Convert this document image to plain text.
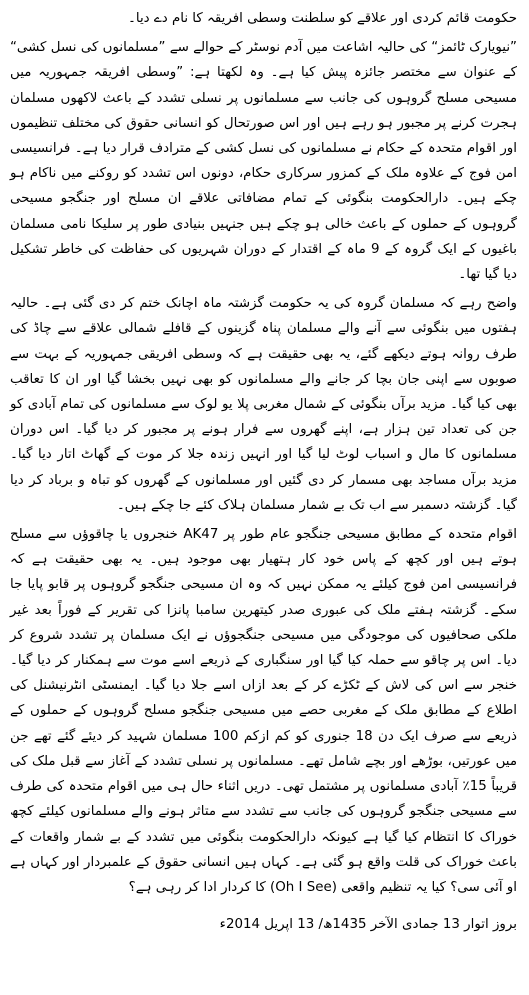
حکومت قائم کردی اور علاقے کو سلطنت وسطی افریقہ کا نام دے دیا۔

”نیویارک ٹائمز“ کی حالیہ اشاعت میں آدم نوسٹر کے حوالے سے ”مسلمانوں کی نسل کشی“ کے عنوان سے مختصر جائزہ پیش کیا ہے۔ وہ لکھتا ہے: ”وسطی افریقہ جمہوریہ میں مسیحی مسلح گروہوں کی جانب سے مسلمانوں پر نسلی تشدد کے باعث لاکھوں مسلمان ہجرت کرنے پر مجبور ہو رہے ہیں اور اس صورتحال کو انسانی حقوق کی مختلف تنظیموں اور اقوام متحدہ کے حکام نے مسلمانوں کی نسل کشی کے مترادف قرار دیا ہے۔ فرانسیسی امن فوج کے علاوہ ملک کے کمزور سرکاری حکام، دونوں اس تشدد کو روکنے میں ناکام ہو چکے ہیں۔ دارالحکومت بنگوئی کے تمام مضافاتی علاقے ان مسلح اور جنگجو مسیحی گروہوں کے حملوں کے باعث خالی ہو چکے ہیں جنہیں بنیادی طور پر سلیکا نامی مسلمان باغیوں کے ایک گروہ کے 9 ماہ کے اقتدار کے دوران شہریوں کی حفاظت کی خاطر تشکیل دیا گیا تھا۔

واضح رہے کہ مسلمان گروہ کی یہ حکومت گزشتہ ماہ اچانک ختم کر دی گئی ہے۔ حالیہ ہفتوں میں بنگوئی سے آنے والے مسلمان پناہ گزینوں کے قافلے شمالی علاقے سے چاڈ کی طرف روانہ ہوتے دیکھے گئے، یہ بھی حقیقت ہے کہ وسطی افریقی جمہوریہ کے بہت سے صوبوں سے اپنی جان بچا کر جانے والے مسلمانوں کو بھی نہیں بخشا گیا اور ان کا تعاقب بھی کیا گیا۔ مزید برآں بنگوئی کے شمال مغربی پلا یو لوک سے مسلمانوں کی تمام آبادی کو جن کی تعداد تین ہزار ہے، اپنے گھروں سے فرار ہونے پر مجبور کر دیا گیا۔ اس دوران مسلمانوں کا مال و اسباب لوٹ لیا گیا اور انہیں زندہ جلا کر موت کے گھاٹ اتار دیا گیا۔ مزید برآں مساجد بھی مسمار کر دی گئیں اور مسلمانوں کے گھروں کو تباہ و برباد کر دیا گیا۔ گزشتہ دسمبر سے اب تک بے شمار مسلمان ہلاک کئے جا چکے ہیں۔

اقوام متحدہ کے مطابق مسیحی جنگجو عام طور پر AK47 خنجروں یا چاقوؤں سے مسلح ہوتے ہیں اور کچھ کے پاس خود کار ہتھیار بھی موجود ہیں۔ یہ بھی حقیقت ہے کہ فرانسیسی امن فوج کیلئے یہ ممکن نہیں کہ وہ ان مسیحی جنگجو گروہوں پر قابو پایا جا سکے۔ گزشتہ ہفتے ملک کی عبوری صدر کیتھرین سامبا پانزا کی تقریر کے فوراً بعد غیر ملکی صحافیوں کی موجودگی میں مسیحی جنگجوؤں نے ایک مسلمان پر تشدد شروع کر دیا۔ اس پر چاقو سے حملہ کیا گیا اور سنگباری کے ذریعے اسے موت سے ہمکنار کر دیا گیا۔ خنجر سے اس کی لاش کے ٹکڑے کر کے بعد ازاں اسے جلا دیا گیا۔ ایمنسٹی انٹرنیشنل کی اطلاع کے مطابق ملک کے مغربی حصے میں مسیحی جنگجو مسلح گروہوں کے حملوں کے ذریعے سے صرف ایک دن 18 جنوری کو کم ازکم 100 مسلمان شہید کر دیئے گئے تھے جن میں عورتیں، بوڑھے اور بچے شامل تھے۔ مسلمانوں پر نسلی تشدد کے آغاز سے قبل ملک کی قریباً 15٪ آبادی مسلمانوں پر مشتمل تھی۔ دریں اثناء حال ہی میں اقوام متحدہ کی طرف سے مسیحی جنگجو گروہوں کی جانب سے تشدد سے متاثر ہونے والے مسلمانوں کیلئے کچھ خوراک کا انتظام کیا گیا ہے کیونکہ دارالحکومت بنگوئی میں تشدد کے بے شمار واقعات کے باعث خوراک کی قلت واقع ہو گئی ہے۔ کہاں ہیں انسانی حقوق کے علمبردار اور کہاں ہے او آئی سی؟ کیا یہ تنظیم واقعی (Oh I See) کا کردار ادا کر رہی ہے؟

بروز اتوار 13 جمادی الآخر 1435ھ/ 13 اپریل 2014ء
